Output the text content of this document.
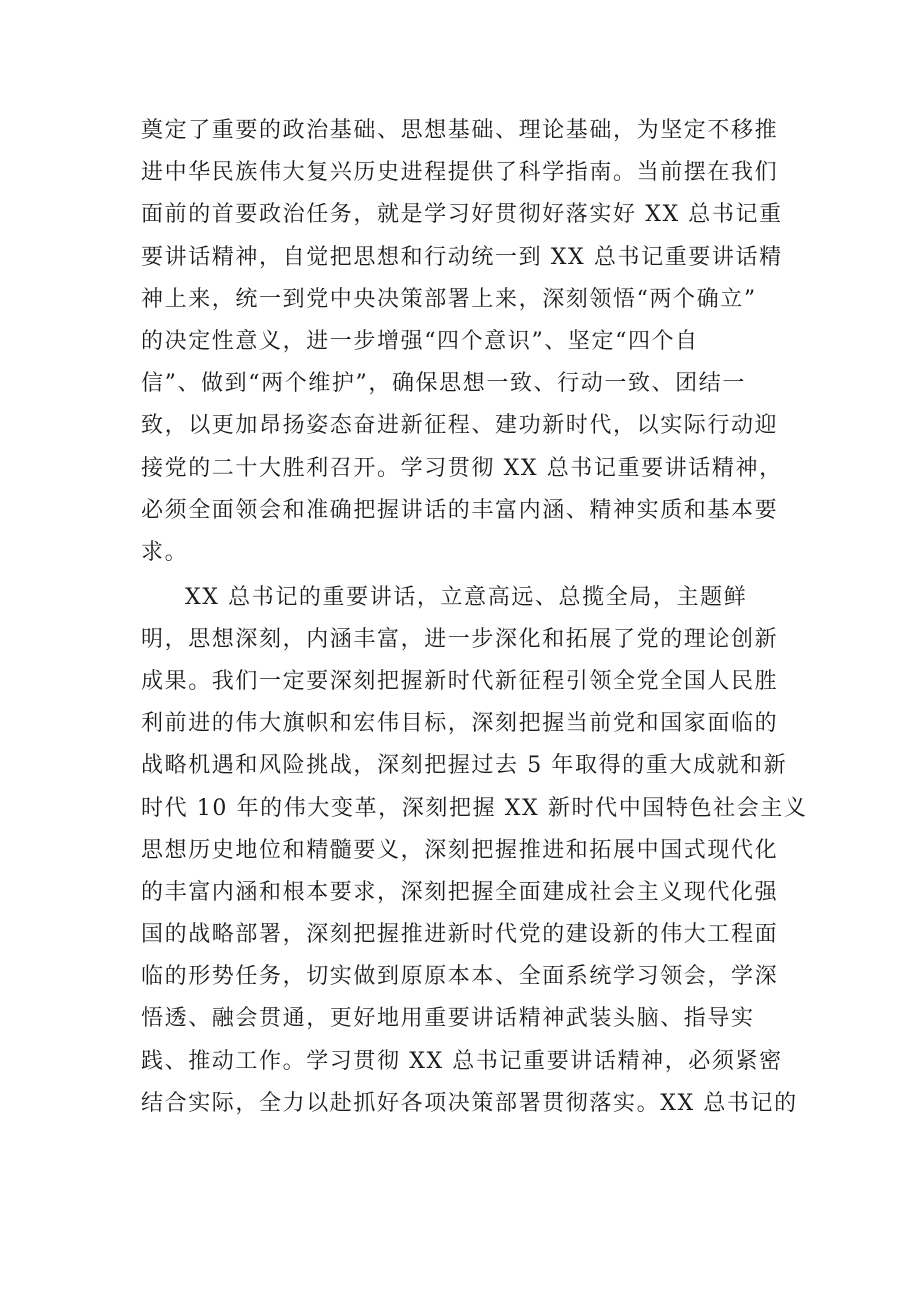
奠定了重要的政治基础、思想基础、理论基础，为坚定不移推
进中华民族伟大复兴历史进程提供了科学指南。当前摆在我们
面前的首要政治任务，就是学习好贯彻好落实好 XX 总书记重
要讲话精神，自觉把思想和行动统一到 XX 总书记重要讲话精
神上来，统一到党中央决策部署上来，深刻领悟“两个确立”
的决定性意义，进一步增强“四个意识”、坚定“四个自
信”、做到“两个维护”，确保思想一致、行动一致、团结一
致，以更加昂扬姿态奋进新征程、建功新时代，以实际行动迎
接党的二十大胜利召开。学习贯彻 XX 总书记重要讲话精神，
必须全面领会和准确把握讲话的丰富内涵、精神实质和基本要
求。
XX 总书记的重要讲话，立意高远、总揽全局，主题鲜
明，思想深刻，内涵丰富，进一步深化和拓展了党的理论创新
成果。我们一定要深刻把握新时代新征程引领全党全国人民胜
利前进的伟大旗帜和宏伟目标，深刻把握当前党和国家面临的
战略机遇和风险挑战，深刻把握过去 5 年取得的重大成就和新
时代 10 年的伟大变革，深刻把握 XX 新时代中国特色社会主义
思想历史地位和精髓要义，深刻把握推进和拓展中国式现代化
的丰富内涵和根本要求，深刻把握全面建成社会主义现代化强
国的战略部署，深刻把握推进新时代党的建设新的伟大工程面
临的形势任务，切实做到原原本本、全面系统学习领会，学深
悟透、融会贯通，更好地用重要讲话精神武装头脑、指导实
践、推动工作。学习贯彻 XX 总书记重要讲话精神，必须紧密
结合实际，全力以赴抓好各项决策部署贯彻落实。XX 总书记的
